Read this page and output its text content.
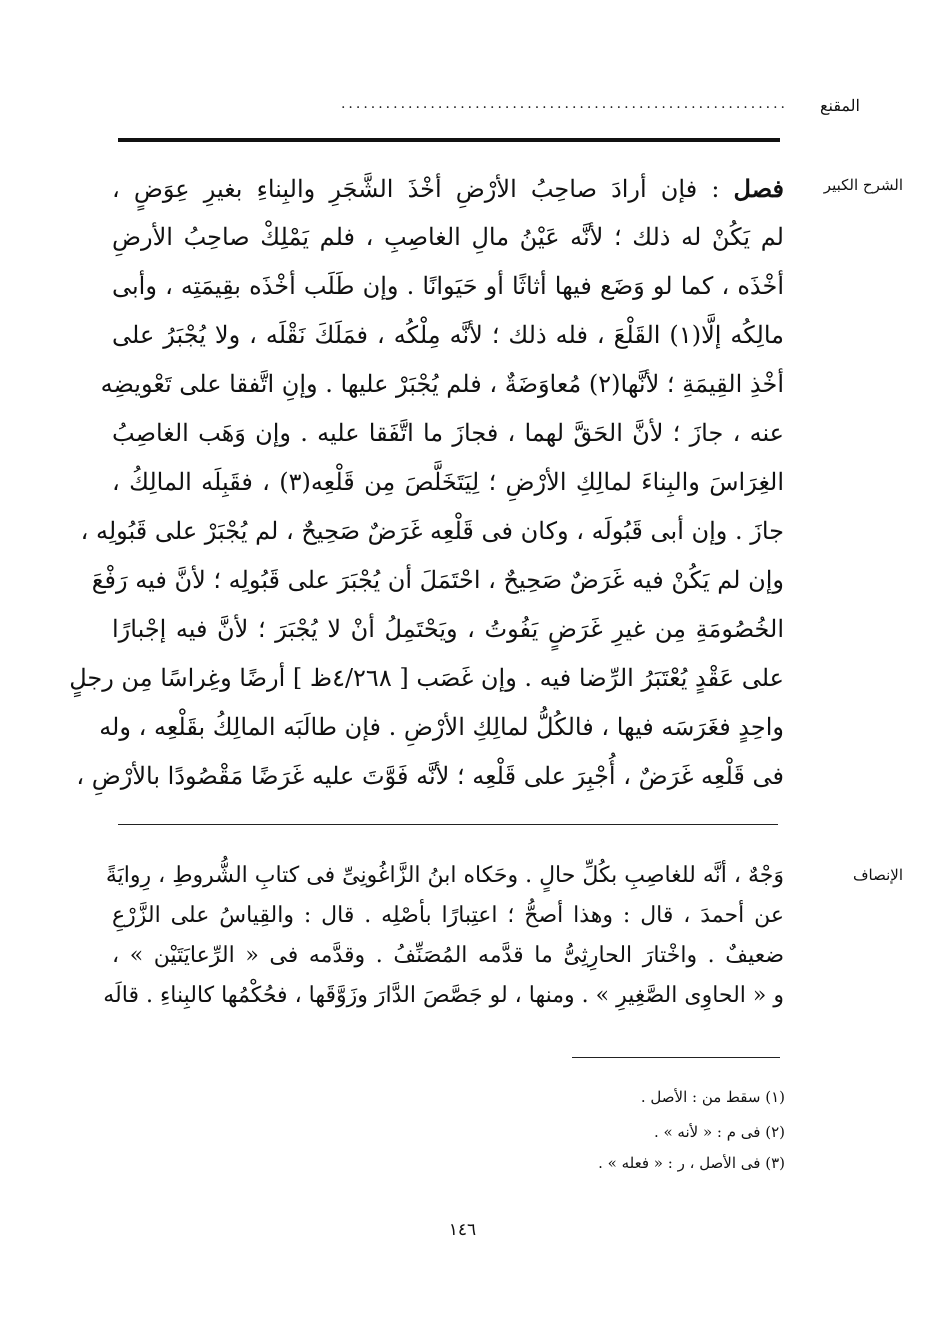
المقنع
............................................................
الشرح الكبير
فصل : فإن أرادَ صاحِبُ الأرْضِ أخْذَ الشَّجَرِ والبِناءِ بغيرِ عِوَضٍ ،
لم يَكُنْ له ذلك ؛ لأنَّه عَيْنُ مالِ الغاصِبِ ، فلم يَمْلِكْ صاحِبُ الأرضِ
أخْذَه ، كما لو وَضَع فيها أثاثًا أو حَيَوانًا . وإن طَلَب أخْذَه بقِيمَتِه ، وأبى
مالِكُه إلَّا(١) القَلْعَ ، فله ذلك ؛ لأنَّه مِلْكُه ، فمَلَكَ نَقْلَه ، ولا يُجْبَرُ على
أخْذِ القِيمَةِ ؛ لأنَّها(٢) مُعاوَضَةٌ ، فلم يُجْبَرْ عليها . وإنِ اتَّفقا على تَعْويضِه
عنه ، جازَ ؛ لأنَّ الحَقَّ لهما ، فجازَ ما اتَّفَقا عليه . وإن وَهَب الغاصِبُ
الغِرَاسَ والبِناءَ لمالِكِ الأرْضِ ؛ لِيَتَخَلَّصَ مِن قَلْعِه(٣) ، فقَبِلَه المالِكُ ،
جازَ . وإن أبى قَبُولَه ، وكان فى قَلْعِه غَرَضٌ صَحِيحٌ ، لم يُجْبَرْ على قَبُولِه ،
وإن لم يَكُنْ فيه غَرَضٌ صَحِيحٌ ، احْتَمَلَ أن يُجْبَرَ على قَبُولِه ؛ لأنَّ فيه رَفْعَ
الخُصُومَةِ مِن غيرِ غَرَضٍ يَفُوتُ ، ويَحْتَمِلُ أنْ لا يُجْبَرَ ؛ لأنَّ فيه إجْبارًا
على عَقْدٍ يُعْتَبَرُ الرِّضا فيه . وإن غَصَب [ ٤/٢٦٨ظ ] أرضًا وغِراسًا مِن رجلٍ
واحِدٍ فغَرَسَه فيها ، فالكُلُّ لمالِكِ الأرْضِ . فإن طالَبَه المالِكُ بقَلْعِه ، وله
فى قَلْعِه غَرَضٌ ، أُجْبِرَ على قَلْعِه ؛ لأنَّه فَوَّتَ عليه غَرَضًا مَقْصُودًا بالأرْضِ ،
الإنصاف
وَجْهٌ ، أنَّه للغاصِبِ بكُلِّ حالٍ . وحَكاه ابنُ الزَّاغُونِىِّ فى كتابِ الشُّروطِ ، رِوايَةً
عن أحمدَ ، قال : وهذا أصحُّ ؛ اعتِبارًا بأصْلِه . قال : والقِياسُ على الزَّرْعِ
ضعيفٌ . واخْتارَ الحارِثِىُّ ما قدَّمه المُصَنِّفُ . وقدَّمه فى « الرِّعايَتَيْن » ،
و « الحاوِى الصَّغِيرِ » . ومنها ، لو جَصَّصَ الدَّارَ وزَوَّقَها ، فحُكْمُها كالبِناءِ . قالَه
(١) سقط من : الأصل .
(٢) فى م : « لأنه » .
(٣) فى الأصل ، ر : « فعله » .
١٤٦
